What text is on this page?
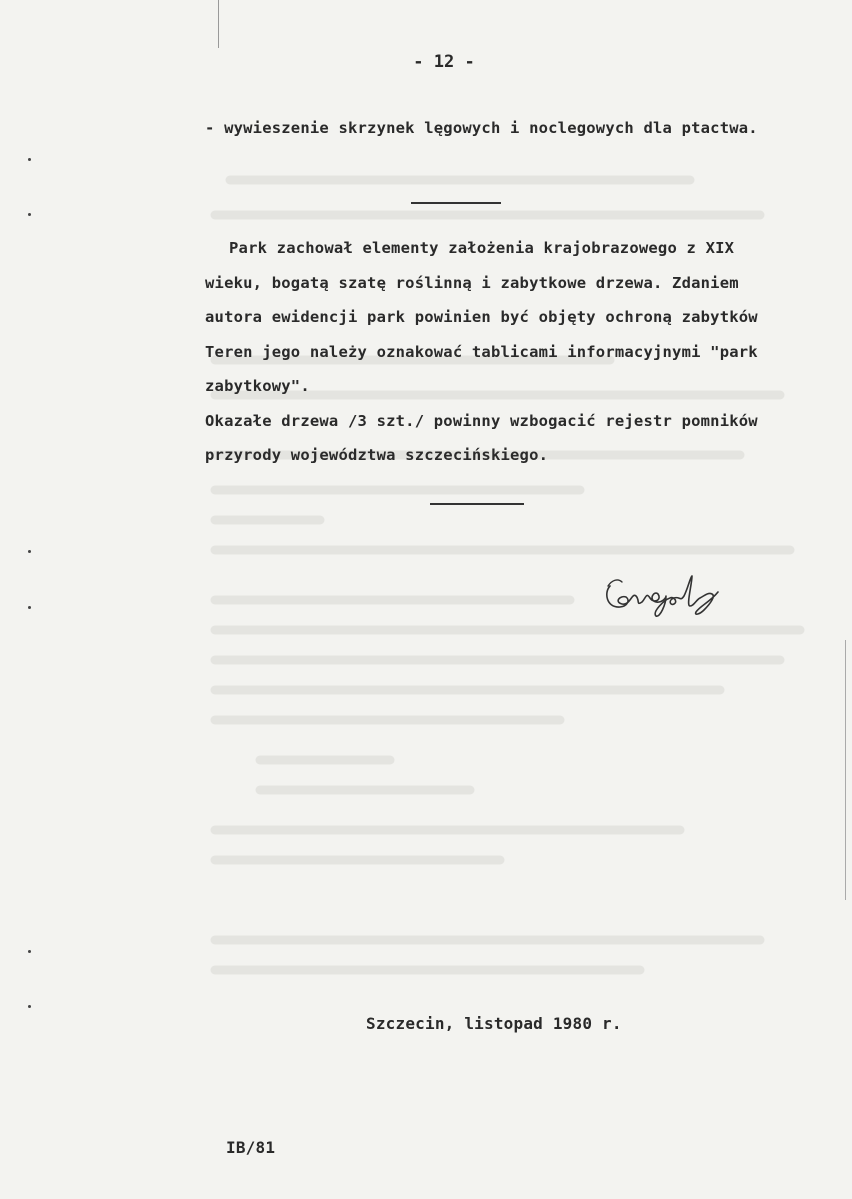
- 12 -
- wywieszenie skrzynek lęgowych i noclegowych dla ptactwa.
Park zachował elementy założenia krajobrazowego z XIX
wieku, bogatą szatę roślinną i zabytkowe drzewa. Zdaniem
autora ewidencji park powinien być objęty ochroną zabytków
Teren jego należy oznakować tablicami informacyjnymi "park
zabytkowy".
Okazałe drzewa /3 szt./ powinny wzbogacić rejestr pomników
przyrody województwa szczecińskiego.
Szczecin, listopad 1980 r.
IB/81
